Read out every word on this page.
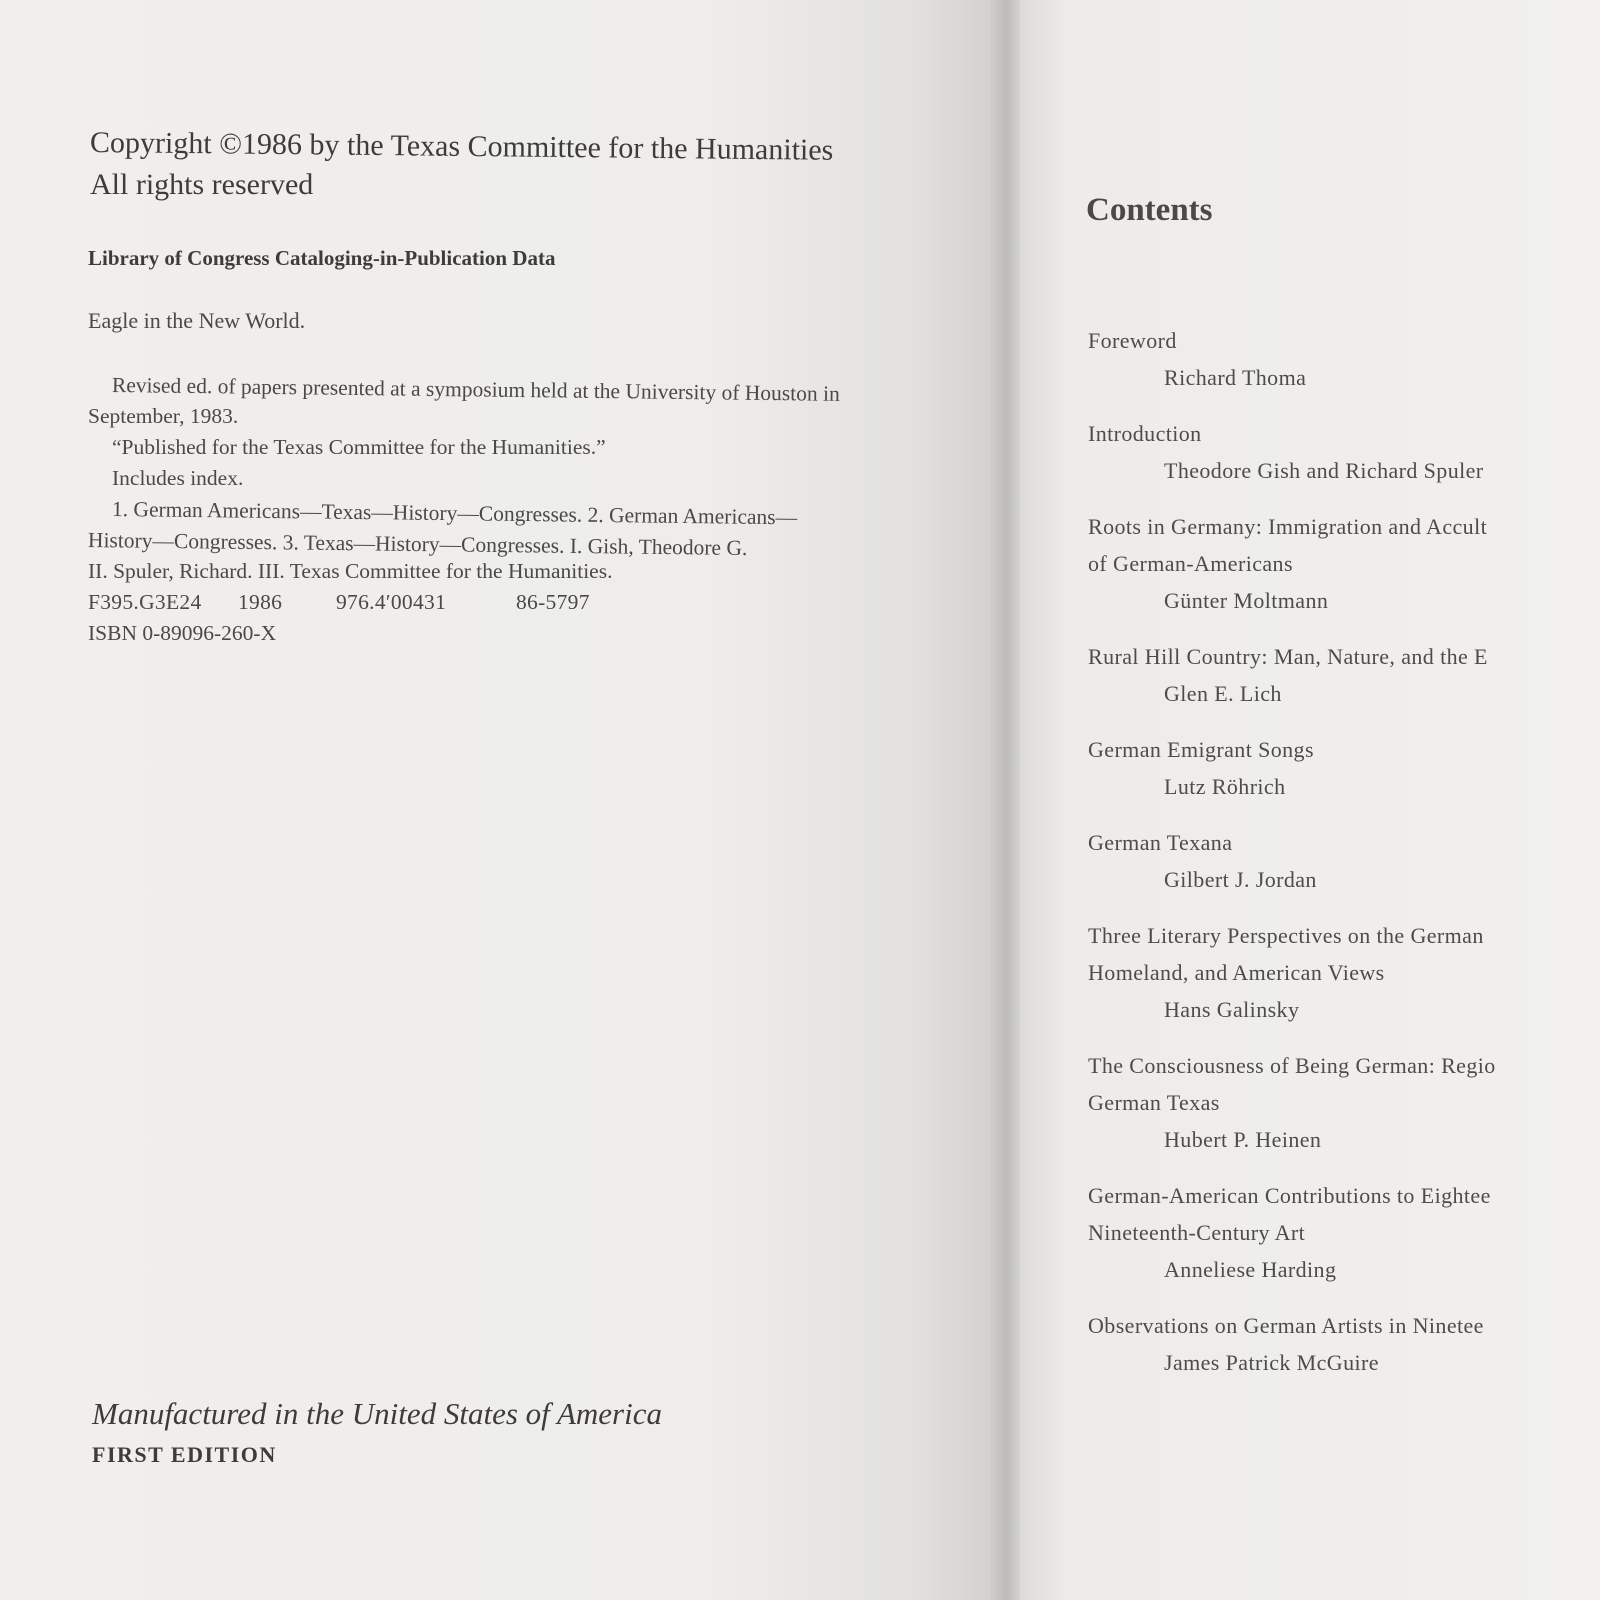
Copyright ©1986 by the Texas Committee for the Humanities
All rights reserved
Library of Congress Cataloging-in-Publication Data
Eagle in the New World.
Revised ed. of papers presented at a symposium held at the University of Houston in
September, 1983.
“Published for the Texas Committee for the Humanities.”
Includes index.
1. German Americans—Texas—History—Congresses. 2. German Americans—
History—Congresses. 3. Texas—History—Congresses. I. Gish, Theodore G.
II. Spuler, Richard. III. Texas Committee for the Humanities.
F395.G3E24 1986	976.4′00431	86-5797
ISBN 0-89096-260-X
Manufactured in the United States of America
FIRST EDITION
Contents
Foreword
Richard Thoma
Introduction
Theodore Gish and Richard Spuler
Roots in Germany: Immigration and Accult
of German-Americans
Günter Moltmann
Rural Hill Country: Man, Nature, and the E
Glen E. Lich
German Emigrant Songs
Lutz Röhrich
German Texana
Gilbert J. Jordan
Three Literary Perspectives on the German
Homeland, and American Views
Hans Galinsky
The Consciousness of Being German: Regio
German Texas
Hubert P. Heinen
German-American Contributions to Eightee
Nineteenth-Century Art
Anneliese Harding
Observations on German Artists in Ninetee
James Patrick McGuire
